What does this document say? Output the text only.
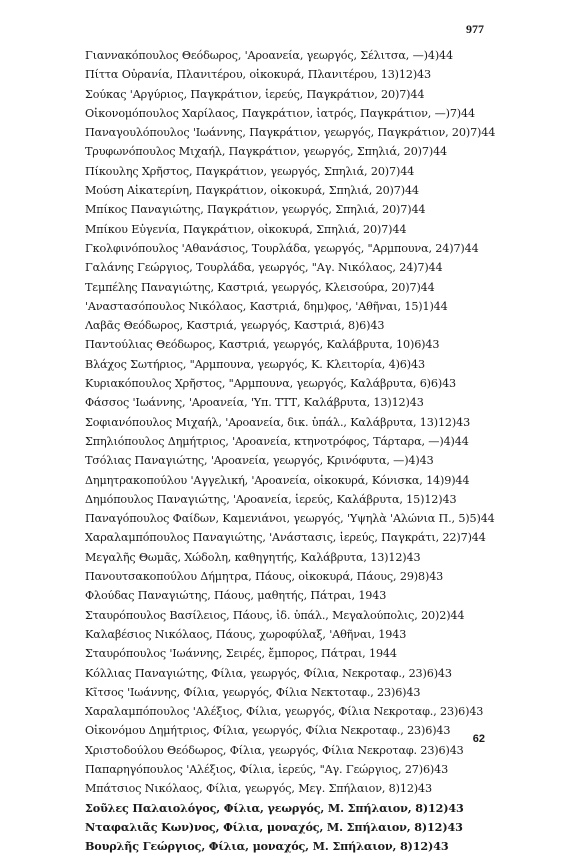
977
Γιαννακόπουλος Θεόδωρος, 'Αροανεία, γεωργός, Σέλιτσα, —)4)44
Πίττα Οὐρανία, Πλανιτέρου, οἰκοκυρά, Πλανιτέρου, 13)12)43
Σούκας 'Αργύριος, Παγκράτιον, ἱερεύς, Παγκράτιον, 20)7)44
Οἰκονομόπουλος Χαρίλαος, Παγκράτιον, ἰατρός, Παγκράτιον, —)7)44
Παναγουλόπουλος 'Ιωάννης, Παγκράτιον, γεωργός, Παγκράτιον, 20)7)44
Τρυφωνόπουλος Μιχαήλ, Παγκράτιον, γεωργός, Σπηλιά, 20)7)44
Πίκουλης Χρῆστος, Παγκράτιον, γεωργός, Σπηλιά, 20)7)44
Μούση Αἰκατερίνη, Παγκράτιον, οἰκοκυρά, Σπηλιά, 20)7)44
Μπίκος Παναγιώτης, Παγκράτιον, γεωργός, Σπηλιά, 20)7)44
Μπίκου Εὐγενία, Παγκράτιον, οἰκοκυρά, Σπηλιά, 20)7)44
Γκολφινόπουλος 'Αθανάσιος, Τουρλάδα, γεωργός, "Αρμπουνα, 24)7)44
Γαλάνης Γεώργιος, Τουρλάδα, γεωργός, "Αγ. Νικόλαος, 24)7)44
Τεμπέλης Παναγιώτης, Καστριά, γεωργός, Κλεισούρα, 20)7)44
'Αναστασόπουλος Νικόλαος, Καστριά, δημ)φος, 'Αθῆναι, 15)1)44
Λαβᾶς Θεόδωρος, Καστριά, γεωργός, Καστριά, 8)6)43
Παντούλιας Θεόδωρος, Καστριά, γεωργός, Καλάβρυτα, 10)6)43
Βλάχος Σωτήριος, "Αρμπουνα, γεωργός, Κ. Κλειτορία, 4)6)43
Κυριακόπουλος Χρῆστος, "Αρμπουνα, γεωργός, Καλάβρυτα, 6)6)43
Φάσσος 'Ιωάννης, 'Αροανεία, 'Υπ. ΤΤΤ, Καλάβρυτα, 13)12)43
Σοφιανόπουλος Μιχαήλ, 'Αροανεία, δικ. ὑπάλ., Καλάβρυτα, 13)12)43
Σπηλιόπουλος Δημήτριος, 'Αροανεία, κτηνοτρόφος, Τάρταρα, —)4)44
Τσόλιας Παναγιώτης, 'Αροανεία, γεωργός, Κρινόφυτα, —)4)43
Δημητρακοπούλου 'Αγγελική, 'Αροανεία, οἰκοκυρά, Κόνισκα, 14)9)44
Δημόπουλος Παναγιώτης, 'Αροανεία, ἱερεύς, Καλάβρυτα, 15)12)43
Παναγόπουλος Φαίδων, Καμενιάνοι, γεωργός, 'Υψηλὰ 'Αλώνια Π., 5)5)44
Χαραλαμπόπουλος Παναγιώτης, 'Ανάστασις, ἱερεύς, Παγκράτι, 22)7)44
Μεγαλῆς Θωμᾶς, Χώδολη, καθηγητής, Καλάβρυτα, 13)12)43
Πανουτσακοπούλου Δήμητρα, Πάους, οἰκοκυρά, Πάους, 29)8)43
Φλούδας Παναγιώτης, Πάους, μαθητής, Πάτραι, 1943
Σταυρόπουλος Βασίλειος, Πάους, ἰδ. ὑπάλ., Μεγαλούπολις, 20)2)44
Καλαβέσιος Νικόλαος, Πάους, χωροφύλαξ, 'Αθῆναι, 1943
Σταυρόπουλος 'Ιωάννης, Σειρές, ἔμπορος, Πάτραι, 1944
Κόλλιας Παναγιώτης, Φίλια, γεωργός, Φίλια, Νεκροταφ., 23)6)43
Κῖτσος 'Ιωάννης, Φίλια, γεωργός, Φίλια Νεκτοταφ., 23)6)43
Χαραλαμπόπουλος 'Αλέξιος, Φίλια, γεωργός, Φίλια Νεκροταφ., 23)6)43
Οἰκονόμου Δημήτριος, Φίλια, γεωργός, Φίλια Νεκροταφ., 23)6)43
Χριστοδούλου Θεόδωρος, Φίλια, γεωργός, Φίλια Νεκροταφ. 23)6)43
Παπαρηγόπουλος 'Αλέξιος, Φίλια, ἱερεύς, "Αγ. Γεώργιος, 27)6)43
Μπάτσιος Νικόλαος, Φίλια, γεωργός, Μεγ. Σπήλαιον, 8)12)43
Σοῦλες Παλαιολόγος, Φίλια, γεωργός, Μ. Σπήλαιον, 8)12)43
Νταφαλιᾶς Κων)νος, Φίλια, μοναχός, Μ. Σπήλαιον, 8)12)43
Βουρλῆς Γεώργιος, Φίλια, μοναχός, Μ. Σπήλαιον, 8)12)43
62
